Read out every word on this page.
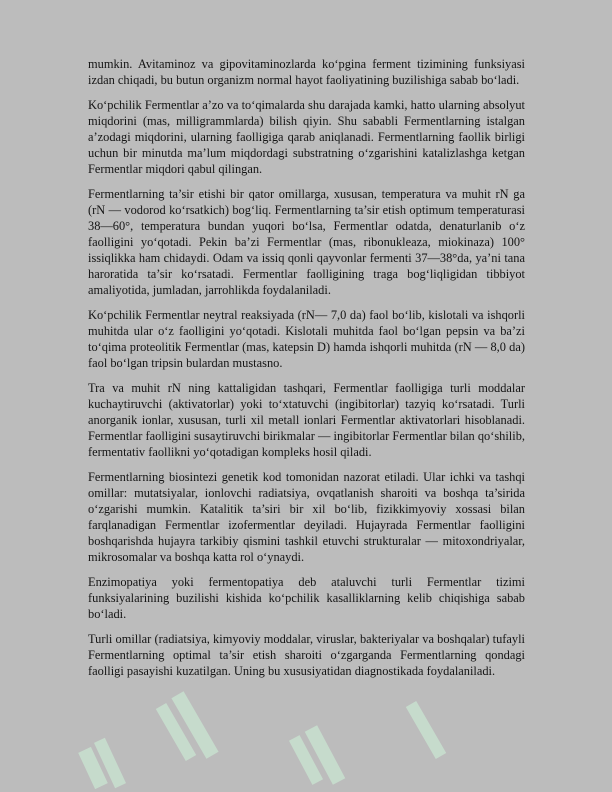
mumkin. Avitaminoz va gipovitaminozlarda ko‘pgina ferment tizimining funksiyasi izdan chiqadi, bu butun organizm normal hayot faoliyatining buzilishiga sabab bo‘ladi.

Ko‘pchilik Fermentlar a’zo va to‘qimalarda shu darajada kamki, hatto ularning absolyut miqdorini (mas, milligrammlarda) bilish qiyin. Shu sababli Fermentlarning istalgan a’zodagi miqdorini, ularning faolligiga qarab aniqlanadi. Fermentlarning faollik birligi uchun bir minutda ma’lum miqdordagi substratning o‘zgarishini katalizlashga ketgan Fermentlar miqdori qabul qilingan.

Fermentlarning ta’sir etishi bir qator omillarga, xususan, temperatura va muhit rN ga (rN — vodorod ko‘rsatkich) bog‘liq. Fermentlarning ta’sir etish optimum temperaturasi 38—60°, temperatura bundan yuqori bo‘lsa, Fermentlar odatda, denaturlanib o‘z faolligini yo‘qotadi. Pekin ba’zi Fermentlar (mas, ribonukleaza, miokinaza) 100° issiqlikka ham chidaydi. Odam va issiq qonli qayvonlar fermenti 37—38°da, ya’ni tana haroratida ta’sir ko‘rsatadi. Fermentlar faolligining traga bog‘liqligidan tibbiyot amaliyotida, jumladan, jarrohlikda foydalaniladi.

Ko‘pchilik Fermentlar neytral reaksiyada (rN— 7,0 da) faol bo‘lib, kislotali va ishqorli muhitda ular o‘z faolligini yo‘qotadi. Kislotali muhitda faol bo‘lgan pepsin va ba’zi to‘qima proteolitik Fermentlar (mas, katepsin D) hamda ishqorli muhitda (rN — 8,0 da) faol bo‘lgan tripsin bulardan mustasno.

Tra va muhit rN ning kattaligidan tashqari, Fermentlar faolligiga turli moddalar kuchaytiruvchi (aktivatorlar) yoki to‘xtatuvchi (ingibitorlar) tazyiq ko‘rsatadi. Turli anorganik ionlar, xususan, turli xil metall ionlari Fermentlar aktivatorlari hisoblanadi. Fermentlar faolligini susaytiruvchi birikmalar — ingibitorlar Fermentlar bilan qo‘shilib, fermentativ faollikni yo‘qotadigan kompleks hosil qiladi.

Fermentlarning biosintezi genetik kod tomonidan nazorat etiladi. Ular ichki va tashqi omillar: mutatsiyalar, ionlovchi radiatsiya, ovqatlanish sharoiti va boshqa ta’sirida o‘zgarishi mumkin. Katalitik ta’siri bir xil bo‘lib, fizikkimyoviy xossasi bilan farqlanadigan Fermentlar izofermentlar deyiladi. Hujayrada Fermentlar faolligini boshqarishda hujayra tarkibiy qismini tashkil etuvchi strukturalar — mitoxondriyalar, mikrosomalar va boshqa katta rol o‘ynaydi.

Enzimopatiya yoki fermentopatiya deb ataluvchi turli Fermentlar tizimi funksiyalarining buzilishi kishida ko‘pchilik kasalliklarning kelib chiqishiga sabab bo‘ladi.

Turli omillar (radiatsiya, kimyoviy moddalar, viruslar, bakteriyalar va boshqalar) tufayli Fermentlarning optimal ta’sir etish sharoiti o‘zgarganda Fermentlarning qondagi faolligi pasayishi kuzatilgan. Uning bu xususiyatidan diagnostikada foydalaniladi.
